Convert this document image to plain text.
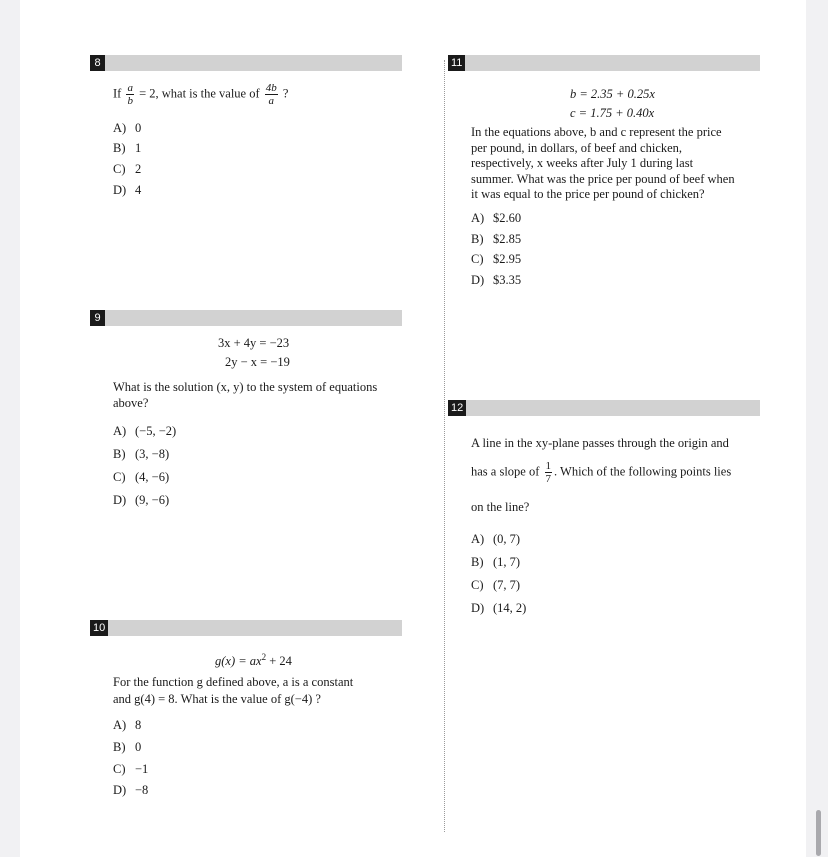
8
If $\frac{a}{b} = 2$, what is the value of $\frac{4b}{a}$ ?
A) 0
B) 1
C) 2
D) 4
9
3x + 4y = −23
2y − x = −19
What is the solution (x, y) to the system of equations above?
A) (−5, −2)
B) (3, −8)
C) (4, −6)
D) (9, −6)
10
$g(x) = ax^2 + 24$
For the function g defined above, a is a constant
and g(4) = 8. What is the value of g(−4) ?
A) 8
B) 0
C) −1
D) −8
11
b = 2.35 + 0.25x
c = 1.75 + 0.40x
In the equations above, b and c represent the price
per pound, in dollars, of beef and chicken,
respectively, x weeks after July 1 during last
summer. What was the price per pound of beef when
it was equal to the price per pound of chicken?
A) $2.60
B) $2.85
C) $2.95
D) $3.35
12
A line in the xy-plane passes through the origin and
has a slope of $\frac{1}{7}$ . Which of the following points lies
on the line?
A) (0, 7)
B) (1, 7)
C) (7, 7)
D) (14, 2)
